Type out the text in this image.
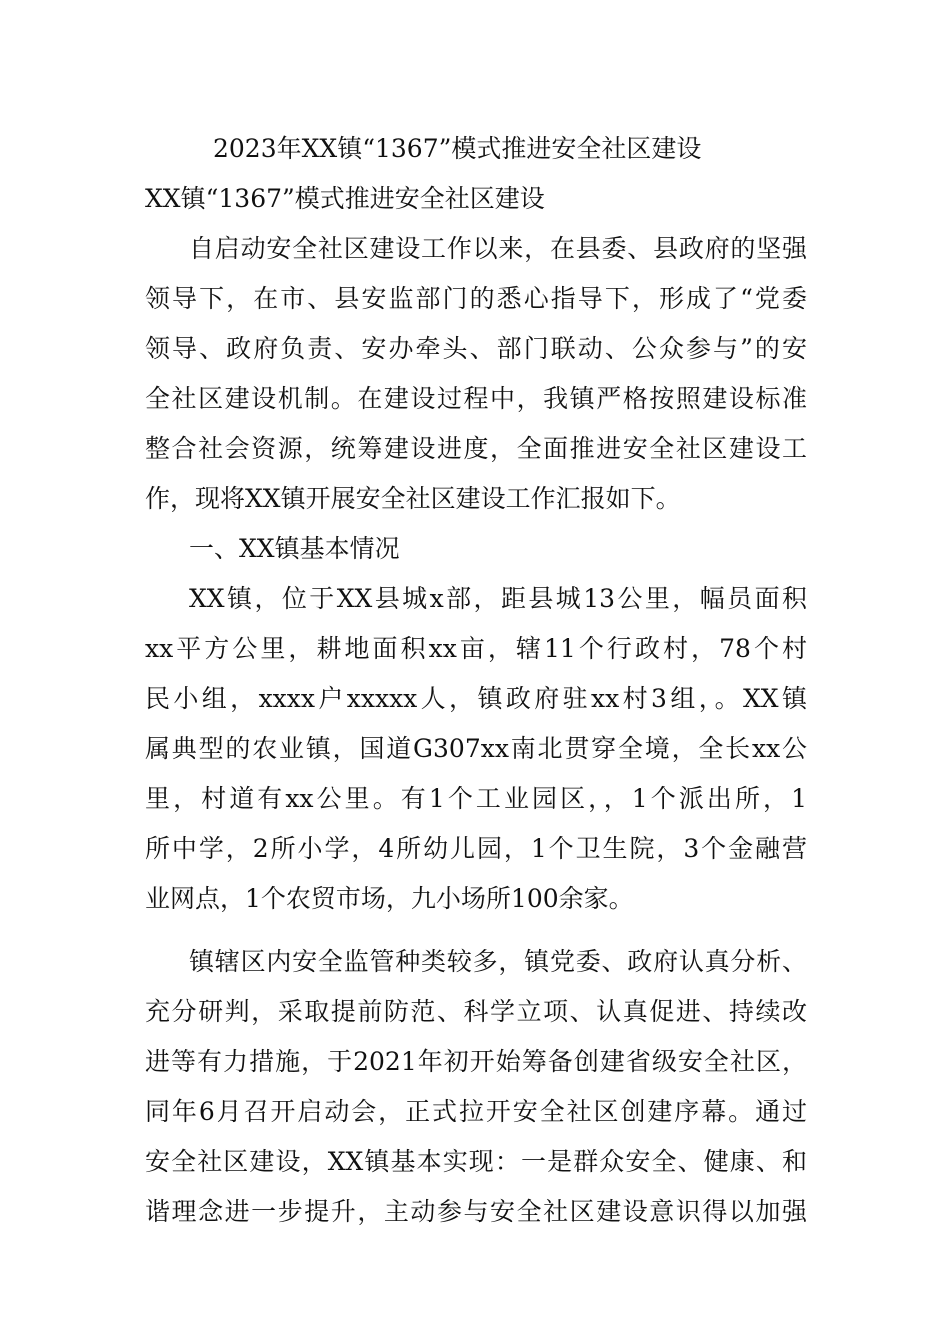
2023年XX镇“1367”模式推进安全社区建设
XX镇“1367”模式推进安全社区建设
自启动安全社区建设工作以来，在县委、县政府的坚强
领导下，在市、县安监部门的悉心指导下，形成了“党委
领导、政府负责、安办牵头、部门联动、公众参与”的安
全社区建设机制。在建设过程中，我镇严格按照建设标准
整合社会资源，统筹建设进度，全面推进安全社区建设工
作，现将XX镇开展安全社区建设工作汇报如下。
一、XX镇基本情况
XX镇，位于XX县城x部，距县城13公里，幅员面积
xx平方公里，耕地面积xx亩，辖11个行政村，78个村
民小组，xxxx户xxxxx人，镇政府驻xx村3组，。XX镇
属典型的农业镇，国道G307xx南北贯穿全境，全长xx公
里，村道有xx公里。有1个工业园区，，1个派出所，1
所中学，2所小学，4所幼儿园，1个卫生院，3个金融营
业网点，1个农贸市场，九小场所100余家。
镇辖区内安全监管种类较多，镇党委、政府认真分析、
充分研判，采取提前防范、科学立项、认真促进、持续改
进等有力措施，于2021年初开始筹备创建省级安全社区，
同年6月召开启动会，正式拉开安全社区创建序幕。通过
安全社区建设，XX镇基本实现：一是群众安全、健康、和
谐理念进一步提升，主动参与安全社区建设意识得以加强
